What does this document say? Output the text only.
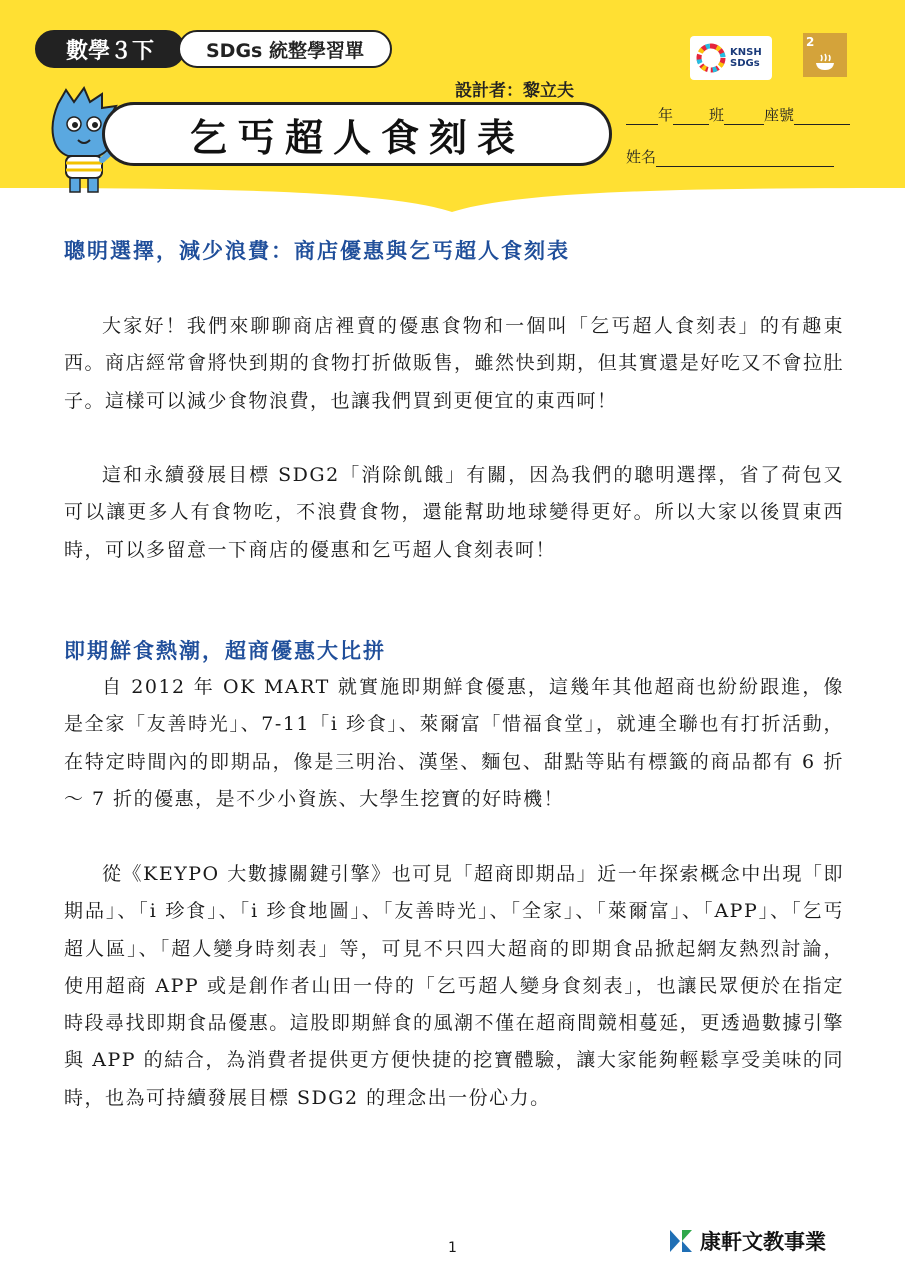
數學３下	SDGs 統整學習單
設計者：黎立夫
乞丐超人食刻表
KNSH
SDGs
2
年 班	座號
姓名
聰明選擇，減少浪費：商店優惠與乞丐超人食刻表

大家好！我們來聊聊商店裡賣的優惠食物和一個叫「乞丐超人食刻表」的有趣東西。商店經常會將快到期的食物打折做販售，雖然快到期，但其實還是好吃又不會拉肚子。這樣可以減少食物浪費，也讓我們買到更便宜的東西呵！

這和永續發展目標 SDG2「消除飢餓」有關，因為我們的聰明選擇，省了荷包又可以讓更多人有食物吃，不浪費食物，還能幫助地球變得更好。所以大家以後買東西時，可以多留意一下商店的優惠和乞丐超人食刻表呵！

即期鮮食熱潮，超商優惠大比拼

自 2012 年 OK MART 就實施即期鮮食優惠，這幾年其他超商也紛紛跟進，像是全家「友善時光」、7-11「i 珍食」、萊爾富「惜福食堂」，就連全聯也有打折活動，在特定時間內的即期品，像是三明治、漢堡、麵包、甜點等貼有標籤的商品都有 6 折～ 7 折的優惠，是不少小資族、大學生挖寶的好時機！

從《KEYPO 大數據關鍵引擎》也可見「超商即期品」近一年探索概念中出現「即期品」、「i 珍食」、「i 珍食地圖」、「友善時光」、「全家」、「萊爾富」、「APP」、「乞丐超人區」、「超人變身時刻表」等，可見不只四大超商的即期食品掀起網友熱烈討論，使用超商 APP 或是創作者山田一侍的「乞丐超人變身食刻表」，也讓民眾便於在指定時段尋找即期食品優惠。這股即期鮮食的風潮不僅在超商間競相蔓延，更透過數據引擎與 APP 的結合，為消費者提供更方便快捷的挖寶體驗，讓大家能夠輕鬆享受美味的同時，也為可持續發展目標 SDG2 的理念出一份心力。

1	康軒文教事業
